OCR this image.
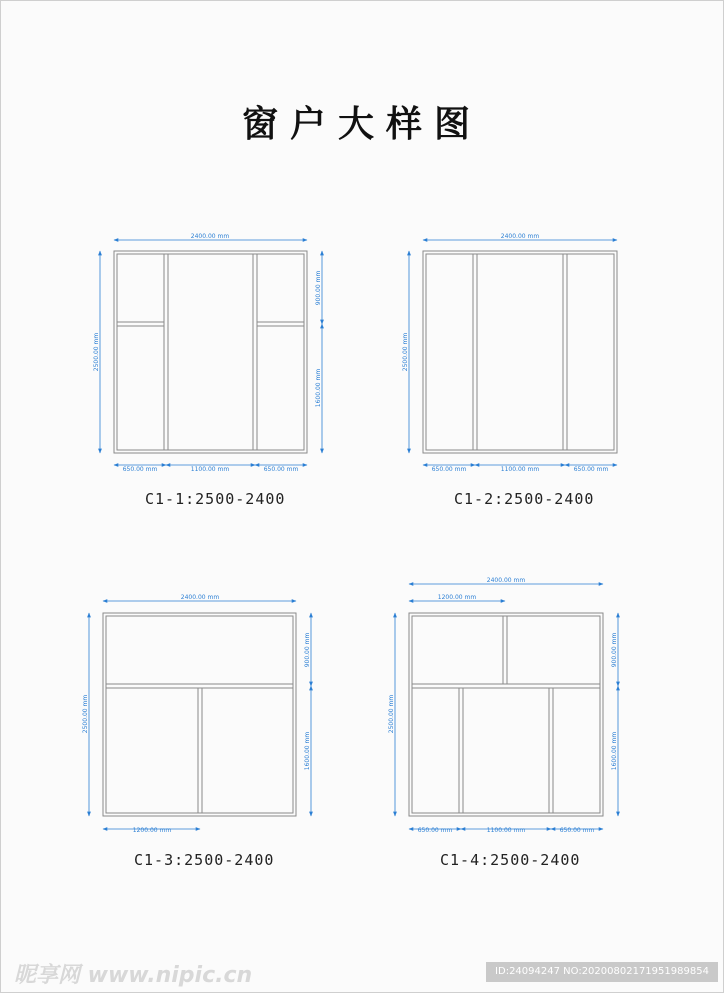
窗户大样图
2400.00 mm
2500.00 mm
900.00 mm
1600.00 mm
650.00 mm	1100.00 mm	650.00 mm
2400.00 mm
2500.00 mm
650.00 mm	1100.00 mm	650.00 mm
2400.00 mm
2500.00 mm
900.00 mm
1600.00 mm
1200.00 mm
2400.00 mm
1200.00 mm
2500.00 mm
900.00 mm
1600.00 mm
650.00 mm	1100.00 mm	650.00 mm
C1-1:2500-2400	C1-2:2500-2400
C1-3:2500-2400	C1-4:2500-2400
昵享网 www.nipic.cn	ID:24094247 NO:20200802171951989854
